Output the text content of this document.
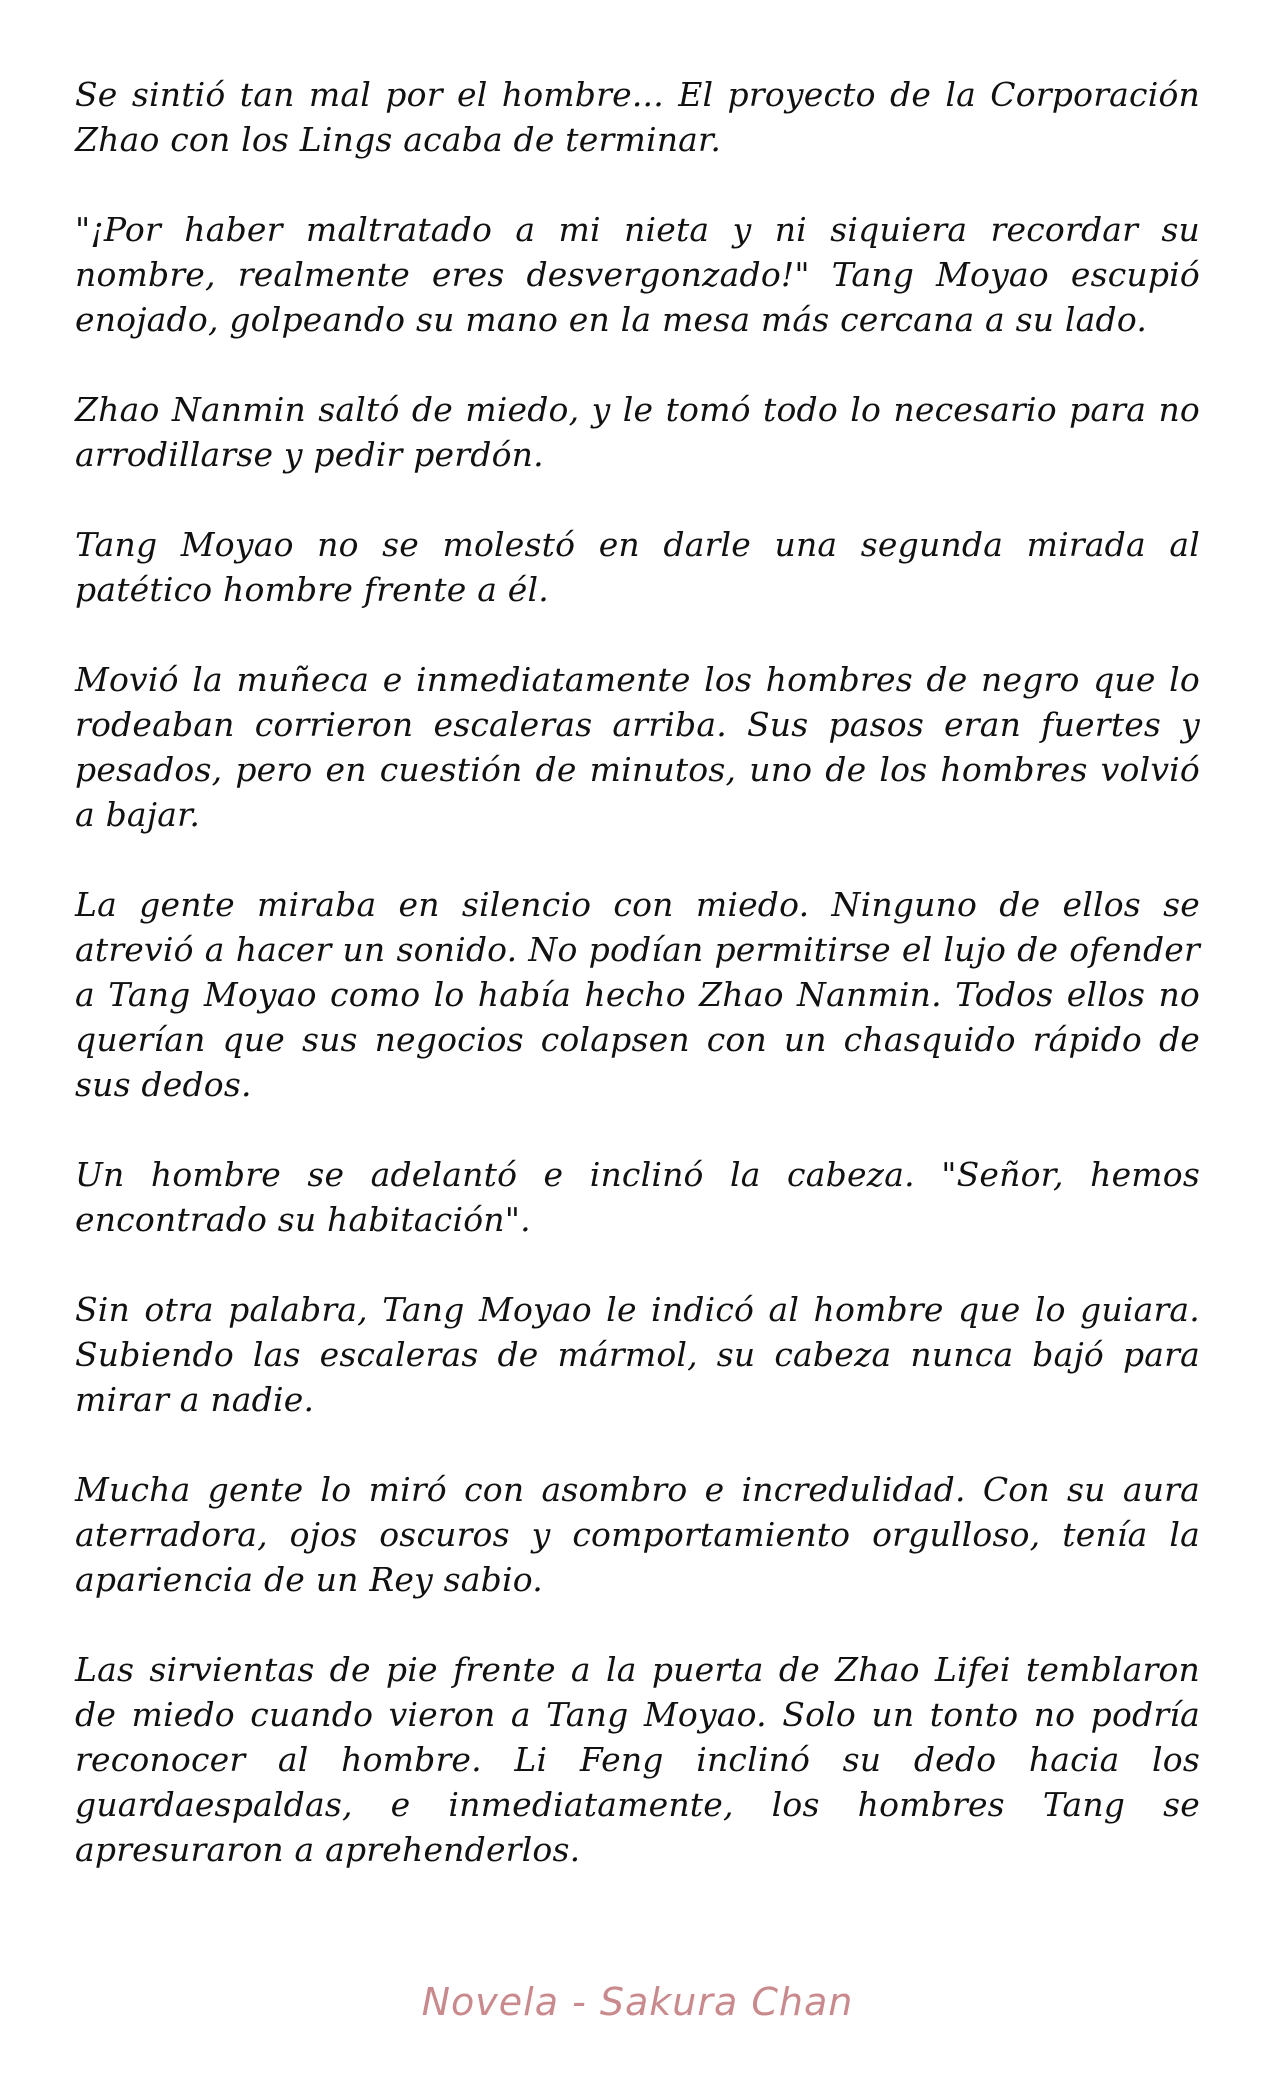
Se sintió tan mal por el hombre... El proyecto de la Corporación Zhao con los Lings acaba de terminar.

"¡Por haber maltratado a mi nieta y ni siquiera recordar su nombre, realmente eres desvergonzado!" Tang Moyao escupió enojado, golpeando su mano en la mesa más cercana a su lado.

Zhao Nanmin saltó de miedo, y le tomó todo lo necesario para no arrodillarse y pedir perdón.

Tang Moyao no se molestó en darle una segunda mirada al patético hombre frente a él.

Movió la muñeca e inmediatamente los hombres de negro que lo rodeaban corrieron escaleras arriba. Sus pasos eran fuertes y pesados, pero en cuestión de minutos, uno de los hombres volvió a bajar.

La gente miraba en silencio con miedo. Ninguno de ellos se atrevió a hacer un sonido. No podían permitirse el lujo de ofender a Tang Moyao como lo había hecho Zhao Nanmin. Todos ellos no querían que sus negocios colapsen con un chasquido rápido de sus dedos.

Un hombre se adelantó e inclinó la cabeza. "Señor, hemos encontrado su habitación".

Sin otra palabra, Tang Moyao le indicó al hombre que lo guiara. Subiendo las escaleras de mármol, su cabeza nunca bajó para mirar a nadie.

Mucha gente lo miró con asombro e incredulidad. Con su aura aterradora, ojos oscuros y comportamiento orgulloso, tenía la apariencia de un Rey sabio.

Las sirvientas de pie frente a la puerta de Zhao Lifei temblaron de miedo cuando vieron a Tang Moyao. Solo un tonto no podría reconocer al hombre. Li Feng inclinó su dedo hacia los guardaespaldas, e inmediatamente, los hombres Tang se apresuraron a aprehenderlos.

Novela - Sakura Chan
